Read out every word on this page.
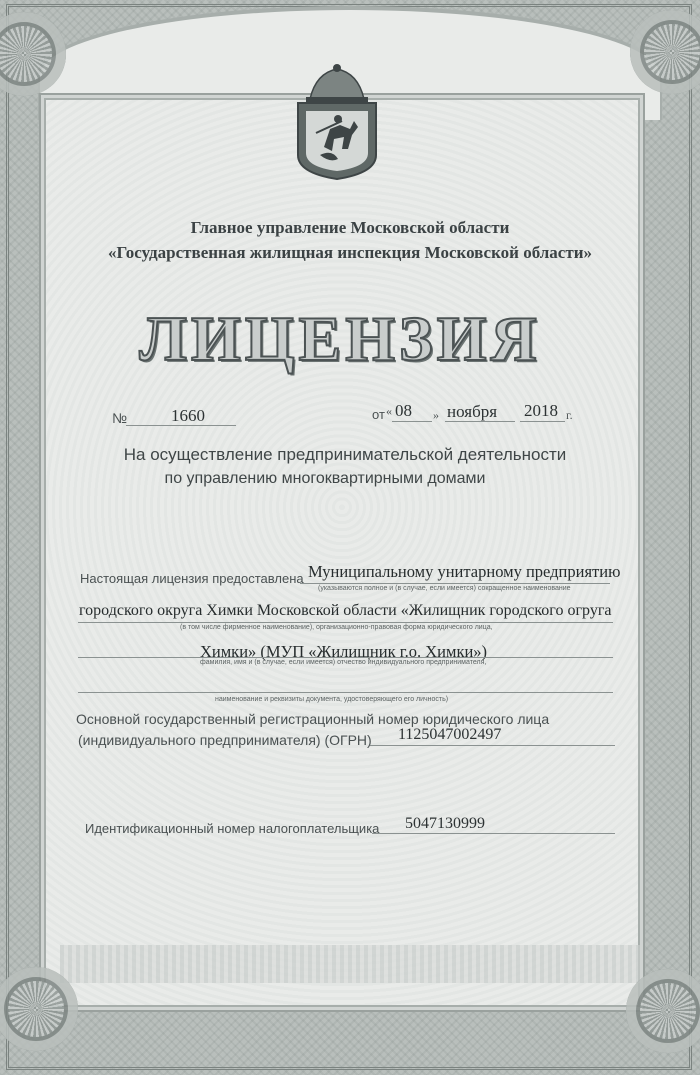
Главное управление Московской области
«Государственная жилищная инспекция Московской области»
ЛИЦЕНЗИЯ
№	1660	от « 08 » ноября 2018 г.
На осуществление предпринимательской деятельности
по управлению многоквартирными домами
Настоящая лицензия предоставлена Муниципальному унитарному предприятию
(указываются полное и (в случае, если имеется) сокращенное наименование
городского округа Химки Московской области «Жилищник городского огруга
(в том числе фирменное наименование), организационно-правовая форма юридического лица,
Химки» (МУП «Жилищник г.о. Химки»)
фамилия, имя и (в случае, если имеется) отчество индивидуального предпринимателя,
наименование и реквизиты документа, удостоверяющего его личность)
Основной государственный регистрационный номер юридического лица
(индивидуального предпринимателя) (ОГРН) 1125047002497
Идентификационный номер налогоплательщика 5047130999
